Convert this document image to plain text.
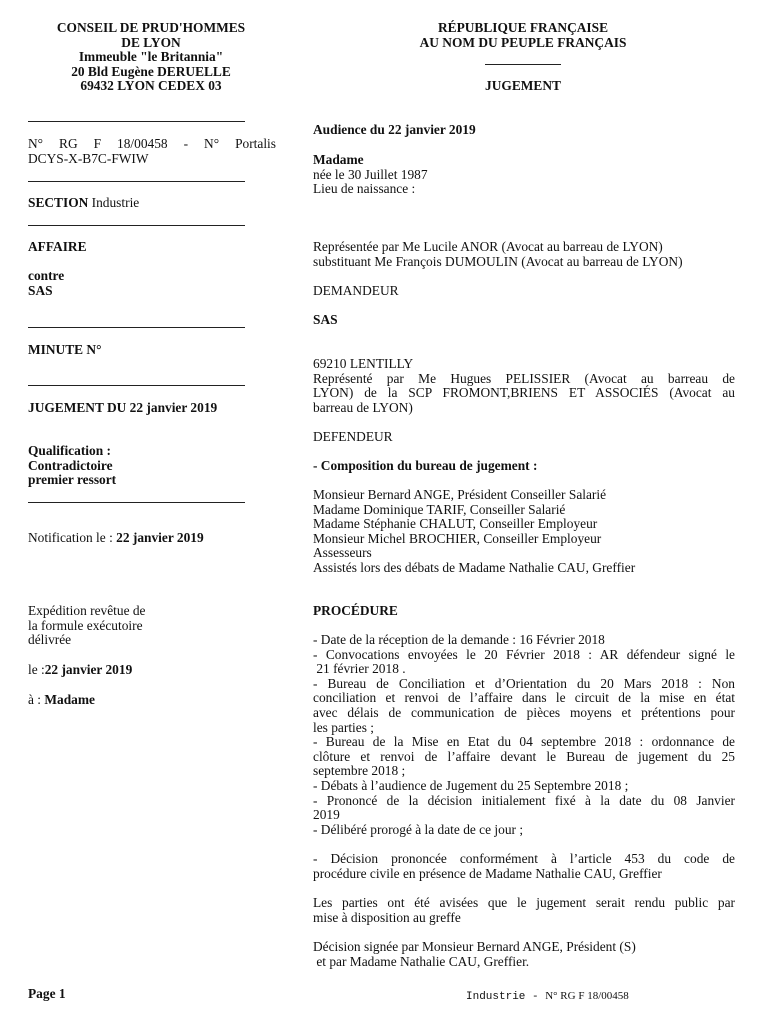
CONSEIL DE PRUD'HOMMES
DE LYON
Immeuble "le Britannia"
20 Bld Eugène DERUELLE
69432 LYON CEDEX 03
RÉPUBLIQUE FRANÇAISE
AU NOM DU PEUPLE FRANÇAIS
JUGEMENT
N° RG F 18/00458 - N° Portalis
DCYS-X-B7C-FWIW
SECTION Industrie
AFFAIRE
contre
SAS
MINUTE N°
JUGEMENT DU 22 janvier 2019
Qualification :
Contradictoire
premier ressort
Notification le : 22 janvier 2019
Expédition revêtue de
la formule exécutoire
délivrée
le :22 janvier 2019
à : Madame
Audience du 22 janvier 2019
Madame
née le 30 Juillet 1987
Lieu de naissance :
Représentée par Me Lucile ANOR (Avocat au barreau de LYON)
substituant Me François DUMOULIN (Avocat au barreau de LYON)
DEMANDEUR
SAS
69210 LENTILLY
Représenté par Me Hugues PELISSIER (Avocat au barreau de
LYON) de la SCP FROMONT,BRIENS ET ASSOCIÉS (Avocat au
barreau de LYON)
DEFENDEUR
- Composition du bureau de jugement :
Monsieur Bernard ANGE, Président Conseiller Salarié
Madame Dominique TARIF, Conseiller Salarié
Madame Stéphanie CHALUT, Conseiller Employeur
Monsieur Michel BROCHIER, Conseiller Employeur
Assesseurs
Assistés lors des débats de Madame Nathalie CAU, Greffier
PROCÉDURE
- Date de la réception de la demande : 16 Février 2018
- Convocations envoyées le 20 Février 2018 : AR défendeur signé le
21 février 2018 .
- Bureau de Conciliation et d’Orientation du 20 Mars 2018 : Non
conciliation et renvoi de l’affaire dans le circuit de la mise en état
avec délais de communication de pièces moyens et prétentions pour
les parties ;
- Bureau de la Mise en Etat du 04 septembre 2018 : ordonnance de
clôture et renvoi de l’affaire devant le Bureau de jugement du 25
septembre 2018 ;
- Débats à l’audience de Jugement du 25 Septembre 2018 ;
- Prononcé de la décision initialement fixé à la date du 08 Janvier
2019
- Délibéré prorogé à la date de ce jour ;
- Décision prononcée conformément à l’article 453 du code de
procédure civile en présence de Madame Nathalie CAU, Greffier
Les parties ont été avisées que le jugement serait rendu public par
mise à disposition au greffe
Décision signée par Monsieur Bernard ANGE, Président (S)
et par Madame Nathalie CAU, Greffier.
Page 1	Industrie - N° RG F 18/00458
